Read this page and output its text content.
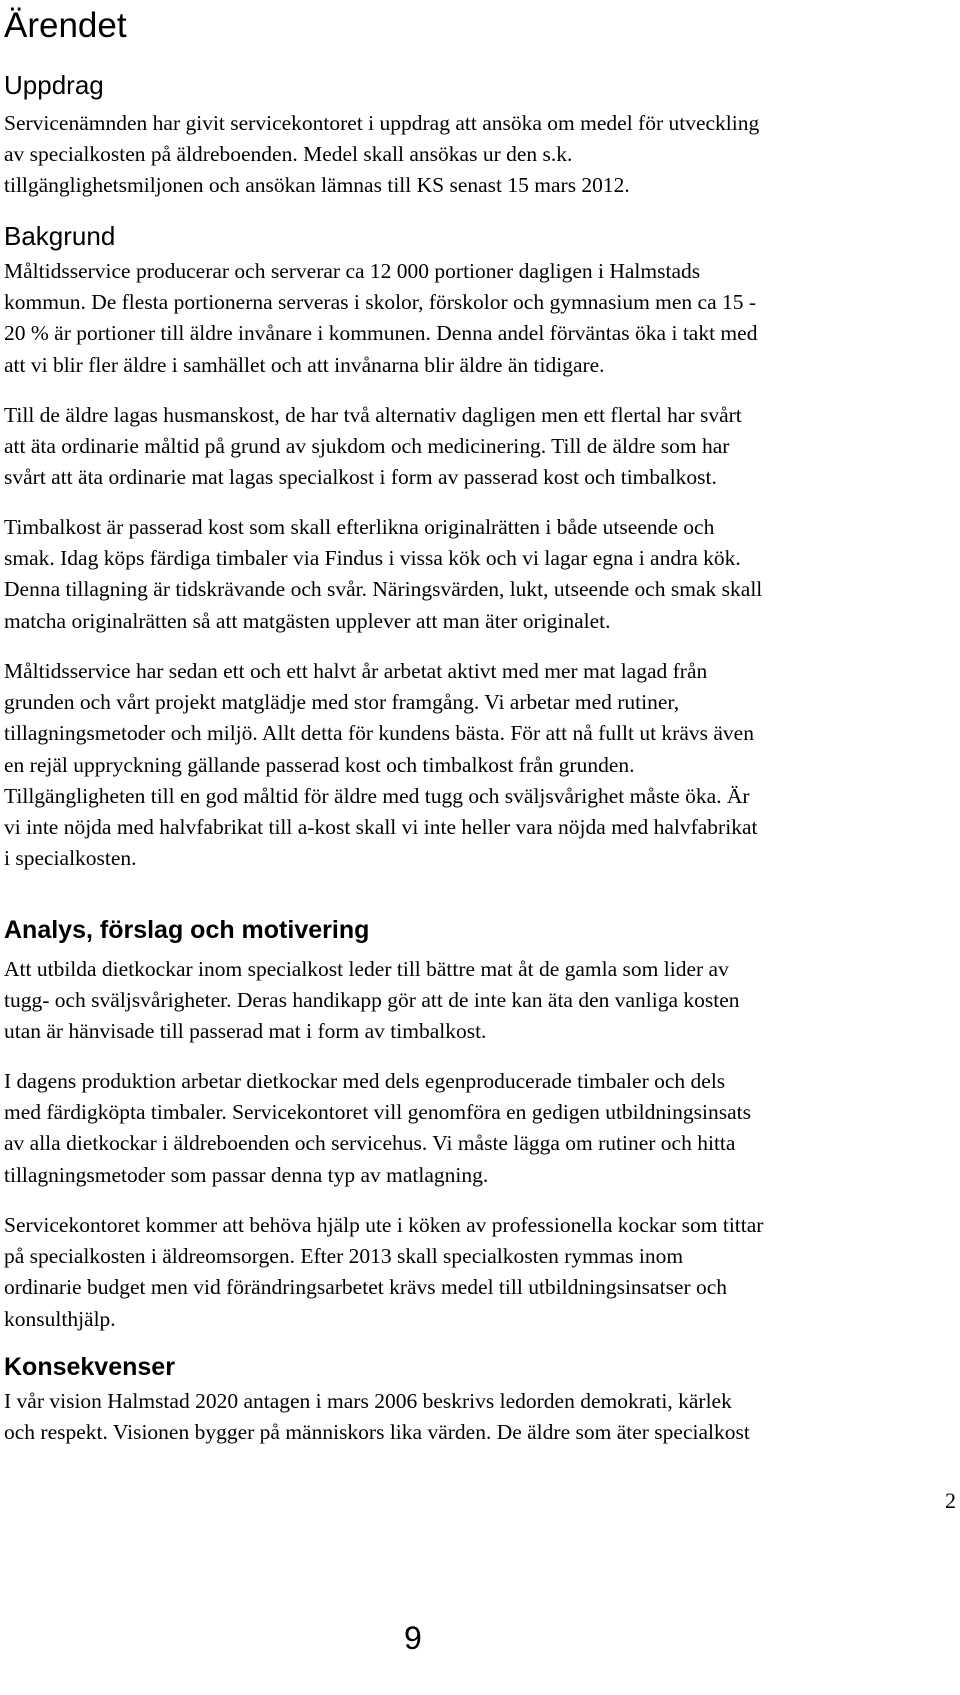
Ärendet
Uppdrag
Servicenämnden har givit servicekontoret i uppdrag att ansöka om medel för utveckling
av specialkosten på äldreboenden. Medel skall ansökas ur den s.k.
tillgänglighetsmiljonen och ansökan lämnas till KS senast 15 mars 2012.
Bakgrund
Måltidsservice producerar och serverar ca 12 000 portioner dagligen i Halmstads
kommun. De flesta portionerna serveras i skolor, förskolor och gymnasium men ca 15 -
20 % är portioner till äldre invånare i kommunen. Denna andel förväntas öka i takt med
att vi blir fler äldre i samhället och att invånarna blir äldre än tidigare.
Till de äldre lagas husmanskost, de har två alternativ dagligen men ett flertal har svårt
att äta ordinarie måltid på grund av sjukdom och medicinering. Till de äldre som har
svårt att äta ordinarie mat lagas specialkost i form av passerad kost och timbalkost.
Timbalkost är passerad kost som skall efterlikna originalrätten i både utseende och
smak. Idag köps färdiga timbaler via Findus i vissa kök och vi lagar egna i andra kök.
Denna tillagning är tidskrävande och svår. Näringsvärden, lukt, utseende och smak skall
matcha originalrätten så att matgästen upplever att man äter originalet.
Måltidsservice har sedan ett och ett halvt år arbetat aktivt med mer mat lagad från
grunden och vårt projekt matglädje med stor framgång. Vi arbetar med rutiner,
tillagningsmetoder och miljö. Allt detta för kundens bästa. För att nå fullt ut krävs även
en rejäl uppryckning gällande passerad kost och timbalkost från grunden.
Tillgängligheten till en god måltid för äldre med tugg och sväljsvårighet måste öka. Är
vi inte nöjda med halvfabrikat till a-kost skall vi inte heller vara nöjda med halvfabrikat
i specialkosten.
Analys, förslag och motivering
Att utbilda dietkockar inom specialkost leder till bättre mat åt de gamla som lider av
tugg- och sväljsvårigheter. Deras handikapp gör att de inte kan äta den vanliga kosten
utan är hänvisade till passerad mat i form av timbalkost.
I dagens produktion arbetar dietkockar med dels egenproducerade timbaler och dels
med färdigköpta timbaler. Servicekontoret vill genomföra en gedigen utbildningsinsats
av alla dietkockar i äldreboenden och servicehus. Vi måste lägga om rutiner och hitta
tillagningsmetoder som passar denna typ av matlagning.
Servicekontoret kommer att behöva hjälp ute i köken av professionella kockar som tittar
på specialkosten i äldreomsorgen. Efter 2013 skall specialkosten rymmas inom
ordinarie budget men vid förändringsarbetet krävs medel till utbildningsinsatser och
konsulthjälp.
Konsekvenser
I vår vision Halmstad 2020 antagen i mars 2006 beskrivs ledorden demokrati, kärlek
och respekt. Visionen bygger på människors lika värden. De äldre som äter specialkost
2
9
